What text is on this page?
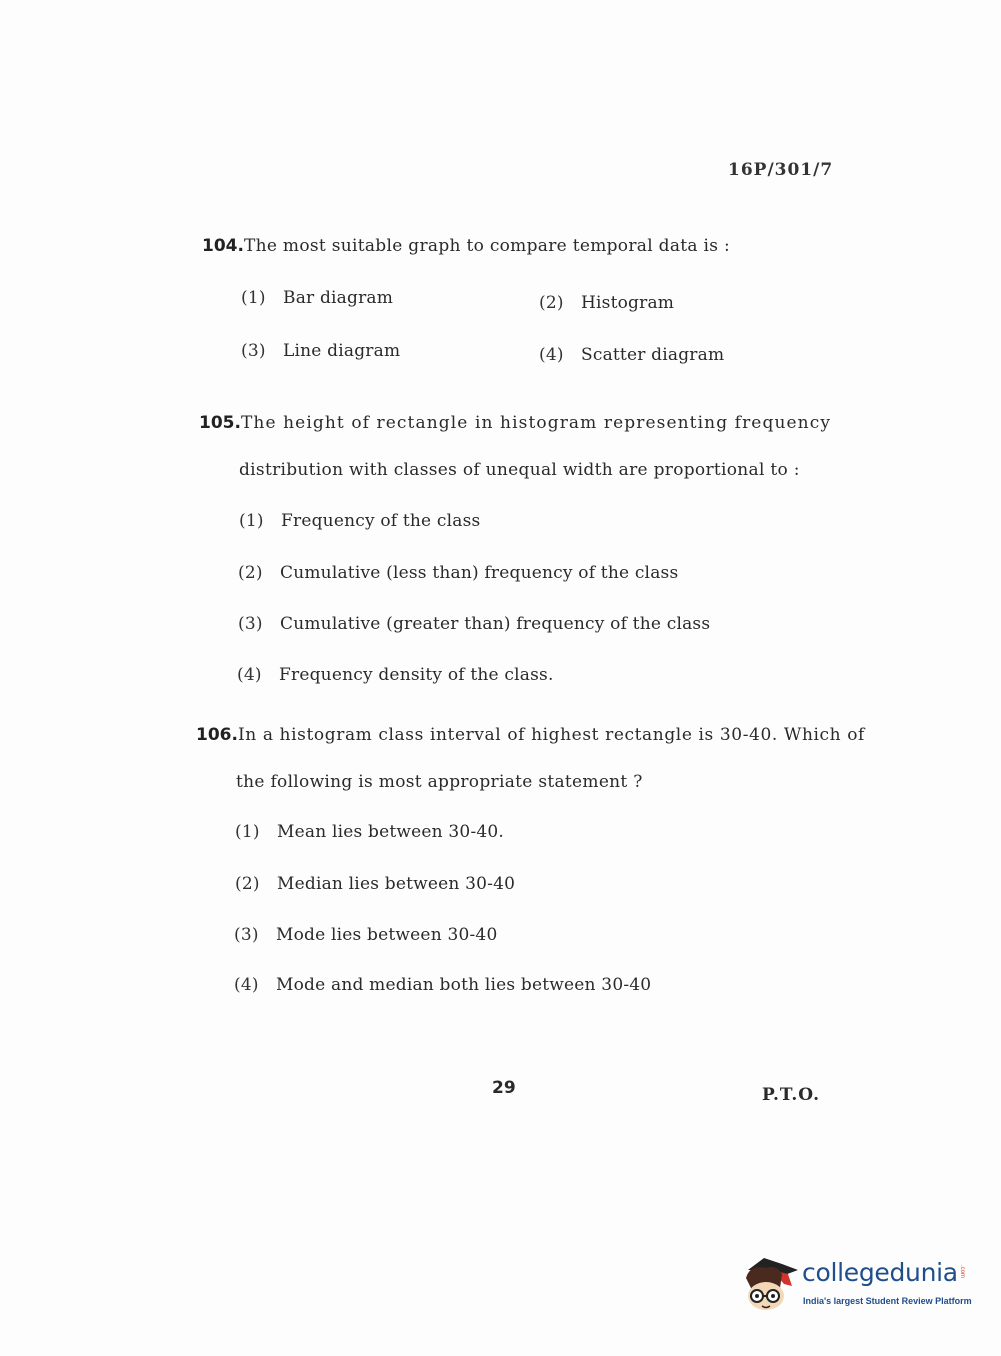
16P/301/7
104.The most suitable graph to compare temporal data is :
(1) Bar diagram	(2) Histogram
(3) Line diagram	(4) Scatter diagram
105.The height of rectangle in histogram representing frequency
distribution with classes of unequal width are proportional to :
(1) Frequency of the class
(2) Cumulative (less than) frequency of the class
(3) Cumulative (greater than) frequency of the class
(4) Frequency density of the class.
106.In a histogram class interval of highest rectangle is 30-40. Which of
the following is most appropriate statement ?
(1) Mean lies between 30-40.
(2) Median lies between 30-40
(3) Mode lies between 30-40
(4) Mode and median both lies between 30-40
29	P.T.O.
collegedunia .com
India's largest Student Review Platform
